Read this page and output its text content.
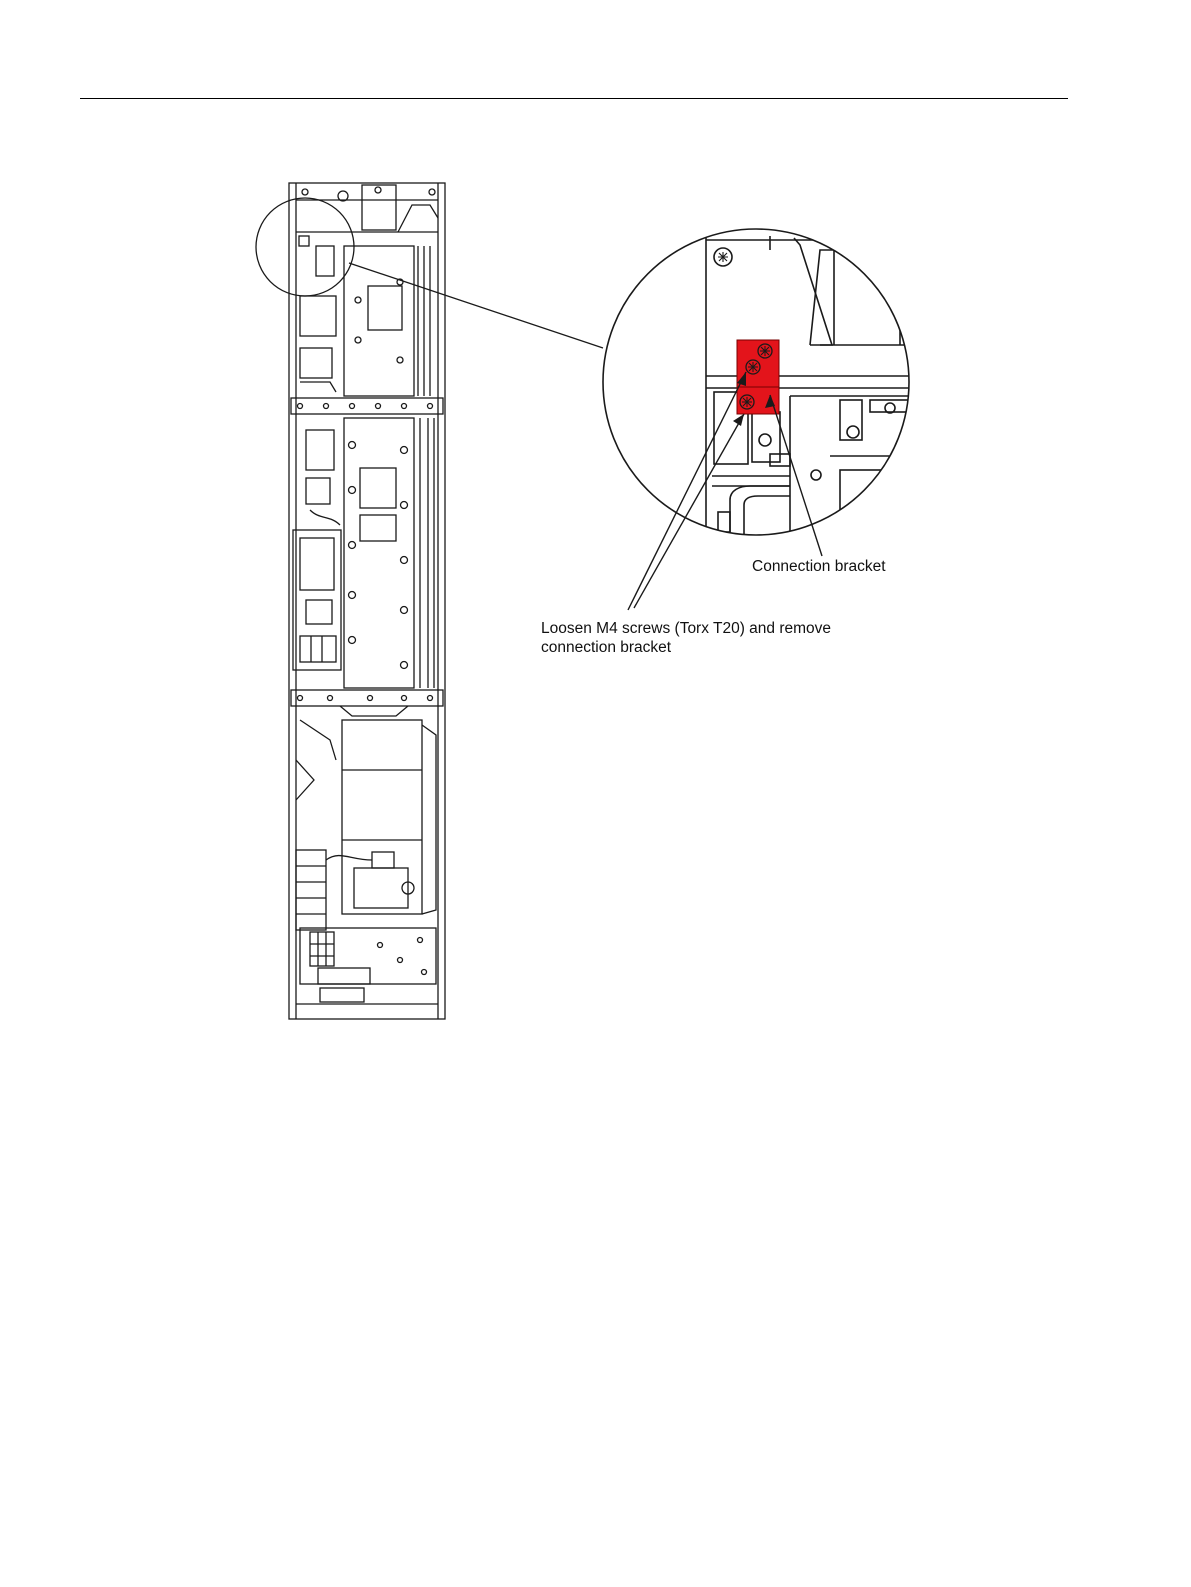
Connection bracket
Loosen M4 screws (Torx T20) and remove
connection bracket
